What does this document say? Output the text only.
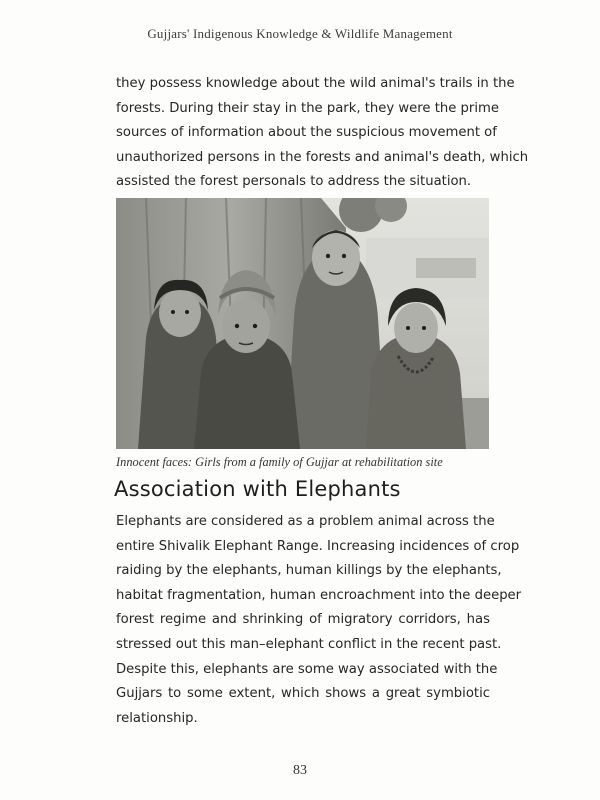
Gujjars' Indigenous Knowledge & Wildlife Management

they possess knowledge about the wild animal's trails in the
forests. During their stay in the park, they were the prime
sources of information about the suspicious movement of
unauthorized persons in the forests and animal's death, which
assisted the forest personals to address the situation.

Innocent faces: Girls from a family of Gujjar at rehabilitation site
Association with Elephants

Elephants are considered as a problem animal across the
entire Shivalik Elephant Range. Increasing incidences of crop
raiding by the elephants, human killings by the elephants,
habitat fragmentation, human encroachment into the deeper
forest regime and shrinking of migratory corridors, has
stressed out this man–elephant conflict in the recent past.
Despite this, elephants are some way associated with the
Gujjars to some extent, which shows a great symbiotic
relationship.

83
